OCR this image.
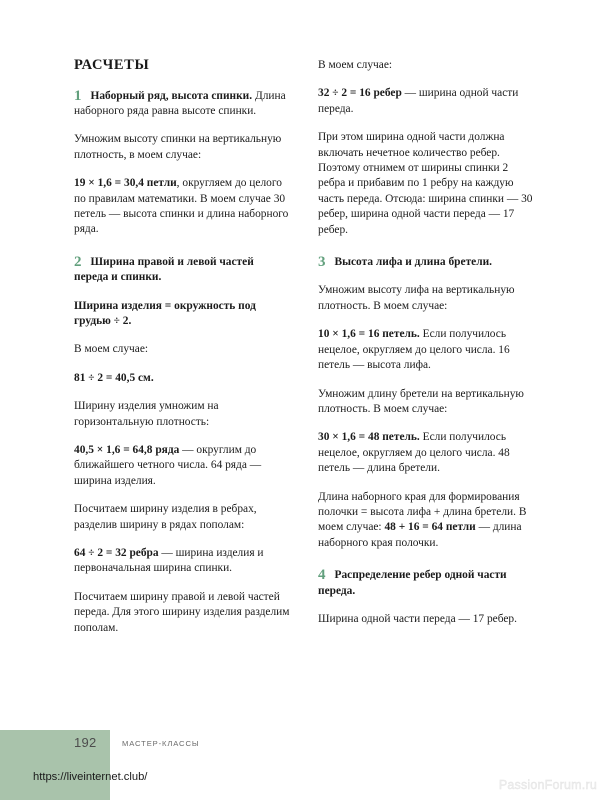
РАСЧЕТЫ

1 Наборный ряд, высота спинки. Длина наборного ряда равна высоте спинки.

Умножим высоту спинки на вертикальную плотность, в моем случае:

19 × 1,6 = 30,4 петли, округляем до целого по правилам математики. В моем случае 30 петель — высота спинки и длина наборного ряда.

2 Ширина правой и левой частей переда и спинки.

Ширина изделия = окружность под грудью ÷ 2.

В моем случае:

81 ÷ 2 = 40,5 см.

Ширину изделия умножим на горизонтальную плотность:

40,5 × 1,6 = 64,8 ряда — округлим до ближайшего четного числа. 64 ряда — ширина изделия.

Посчитаем ширину изделия в ребрах, разделив ширину в рядах пополам:

64 ÷ 2 = 32 ребра — ширина изделия и первоначальная ширина спинки.

Посчитаем ширину правой и левой частей переда. Для этого ширину изделия разделим пополам.

В моем случае:

32 ÷ 2 = 16 ребер — ширина одной части переда.

При этом ширина одной части должна включать нечетное количество ребер. Поэтому отнимем от ширины спинки 2 ребра и прибавим по 1 ребру на каждую часть переда. Отсюда: ширина спинки — 30 ребер, ширина одной части переда — 17 ребер.

3 Высота лифа и длина бретели.

Умножим высоту лифа на вертикальную плотность. В моем случае:

10 × 1,6 = 16 петель. Если получилось нецелое, округляем до целого числа. 16 петель — высота лифа.

Умножим длину бретели на вертикальную плотность. В моем случае:

30 × 1,6 = 48 петель. Если получилось нецелое, округляем до целого числа. 48 петель — длина бретели.

Длина наборного края для формирования полочки = высота лифа + длина бретели. В моем случае: 48 + 16 = 64 петли — длина наборного края полочки.

4 Распределение ребер одной части переда.

Ширина одной части переда — 17 ребер.

192	МАСТЕР-КЛАССЫ
https://liveinternet.club/
PassionForum.ru
